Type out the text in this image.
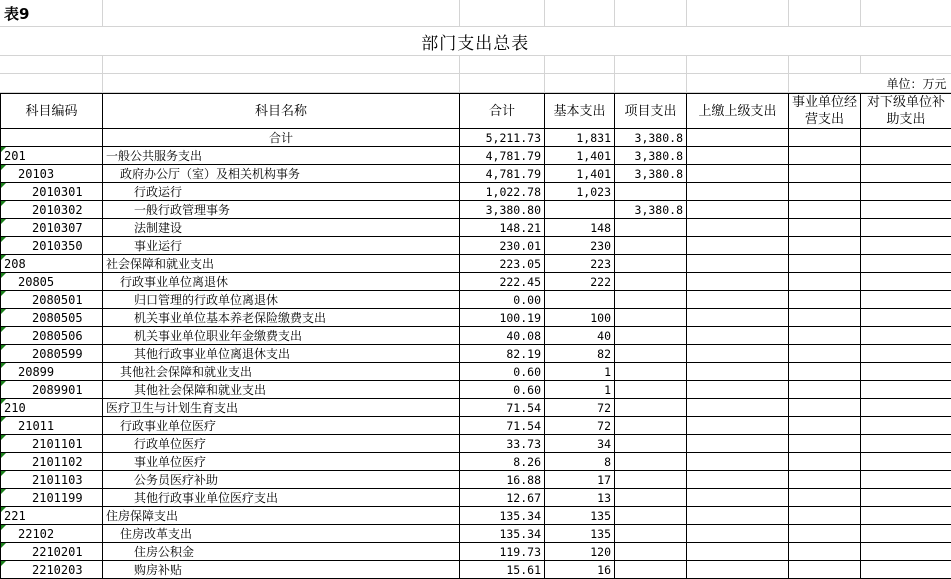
表9							
部门支出总表							

						单位：万元	
科目编码	科目名称	合计	基本支出	项目支出	上缴上级支出	事业单位经营支出	对下级单位补助支出
	合计	5,211.73	1,831	3,380.8			
201	一般公共服务支出	4,781.79	1,401	3,380.8			
20103	政府办公厅（室）及相关机构事务	4,781.79	1,401	3,380.8			
2010301	行政运行	1,022.78	1,023				
2010302	一般行政管理事务	3,380.80		3,380.8			
2010307	法制建设	148.21	148				
2010350	事业运行	230.01	230				
208	社会保障和就业支出	223.05	223				
20805	行政事业单位离退休	222.45	222				
2080501	归口管理的行政单位离退休	0.00					
2080505	机关事业单位基本养老保险缴费支出	100.19	100				
2080506	机关事业单位职业年金缴费支出	40.08	40				
2080599	其他行政事业单位离退休支出	82.19	82				
20899	其他社会保障和就业支出	0.60	1				
2089901	其他社会保障和就业支出	0.60	1				
210	医疗卫生与计划生育支出	71.54	72				
21011	行政事业单位医疗	71.54	72				
2101101	行政单位医疗	33.73	34				
2101102	事业单位医疗	8.26	8				
2101103	公务员医疗补助	16.88	17				
2101199	其他行政事业单位医疗支出	12.67	13				
221	住房保障支出	135.34	135				
22102	住房改革支出	135.34	135				
2210201	住房公积金	119.73	120				
2210203	购房补贴	15.61	16				
